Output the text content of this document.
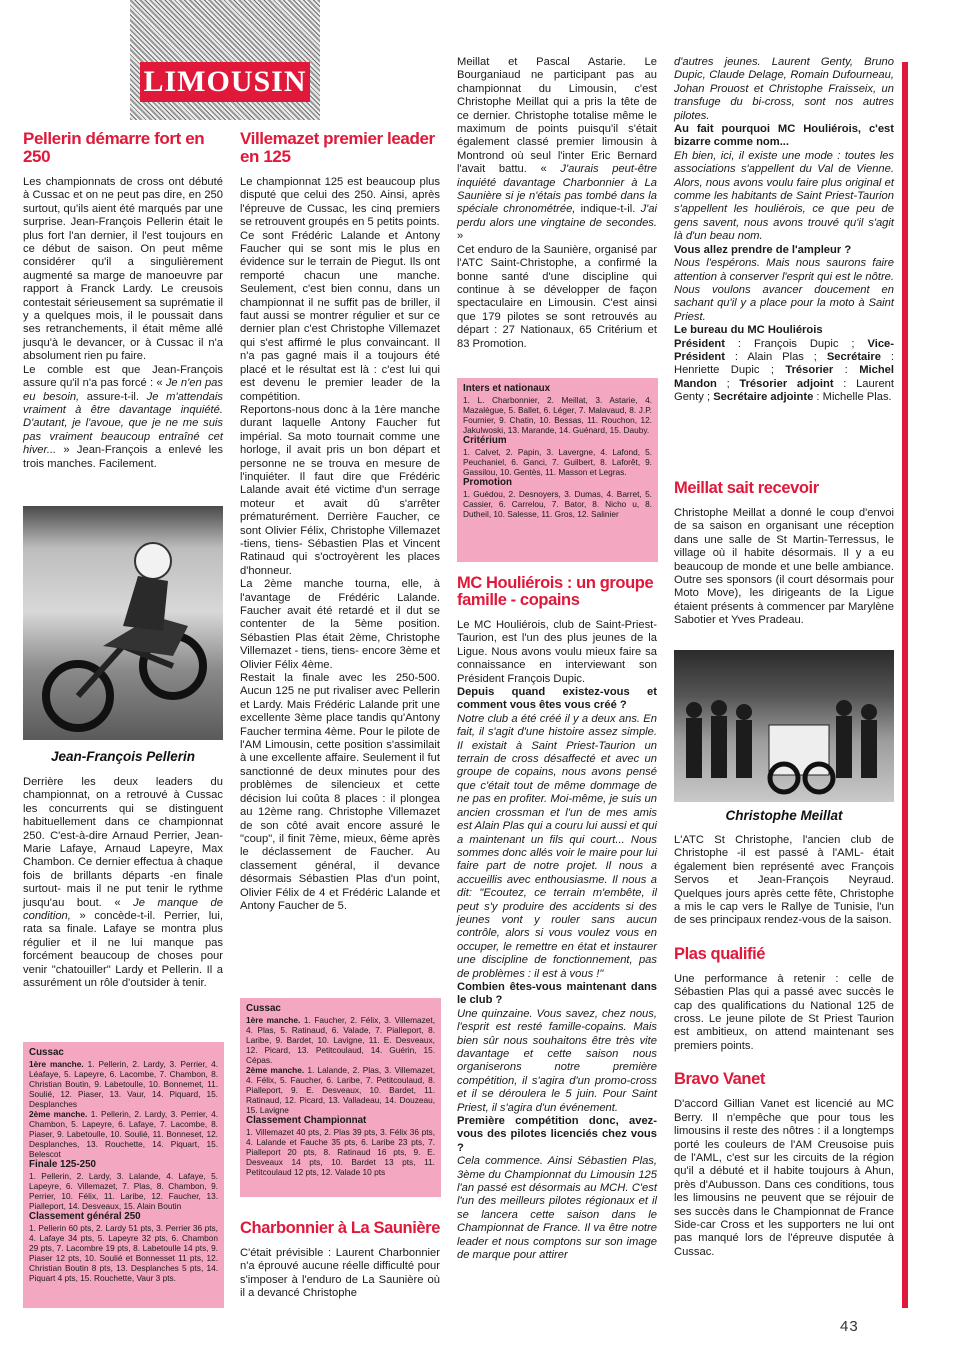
LIMOUSIN
Pellerin démarre fort en 250

Les championnats de cross ont débuté à Cussac et on ne peut pas dire, en 250 surtout, qu'ils aient été marqués par une surprise. Jean-François Pellerin était le plus fort l'an dernier, il l'est toujours en ce début de saison. On peut même considérer qu'il a singulièrement augmenté sa marge de manoeuvre par rapport à Franck Lardy. Le creusois contestait sérieusement sa suprématie il y a quelques mois, il le poussait dans ses retranchements, il était même allé jusqu'à le devancer, or à Cussac il n'a absolument rien pu faire.

Le comble est que Jean-François assure qu'il n'a pas forcé : « Je n'en pas eu besoin, assure-t-il. Je m'attendais vraiment à être davantage inquiété. D'autant, je l'avoue, que je ne me suis pas vraiment beaucoup entraîné cet hiver... » Jean-François a enlevé les trois manches. Facilement.

Jean-François Pellerin

Derrière les deux leaders du championnat, on a retrouvé à Cussac les concurrents qui se distinguent habituellement dans ce championnat 250. C'est-à-dire Arnaud Perrier, Jean-Marie Lafaye, Arnaud Lapeyre, Max Chambon. Ce dernier effectua à chaque fois de brillants départs -en finale surtout- mais il ne put tenir le rythme jusqu'au bout. « Je manque de condition, » concède-t-il. Perrier, lui, rata sa finale. Lafaye se montra plus régulier et il ne lui manque pas forcément beaucoup de choses pour venir "chatouiller" Lardy et Pellerin. Il a assurément un rôle d'outsider à tenir.

Cussac
1ère manche. 1. Pellerin, 2. Lardy, 3. Perrier, 4. Léafaye, 5. Lapeyre, 6. Lacombe, 7. Chambon, 8. Christian Boutin, 9. Labetoulle, 10. Bonnemet, 11. Soulié, 12. Piaser, 13. Vaur, 14. Piquard, 15. Desplanches
2ème manche. 1. Pellerin, 2. Lardy, 3. Perrier, 4. Chambon, 5. Lapeyre, 6. Lafaye, 7. Lacombe, 8. Piaser, 9. Labetoulle, 10. Soulié, 11. Bonneset, 12. Desplanches, 13. Rouchette, 14. Piquart, 15. Belescot
Finale 125-250
1. Pellerin, 2. Lardy, 3. Lalande, 4. Lafaye, 5. Lapeyre, 6. Villemazet, 7. Plas, 8. Chambon, 9. Perrier, 10. Félix, 11. Laribe, 12. Faucher, 13. Pialleport, 14. Desveaux, 15. Alain Boutin
Classement général 250
1. Pellerin 60 pts, 2. Lardy 51 pts, 3. Perrier 36 pts, 4. Lafaye 34 pts, 5. Lapeyre 32 pts, 6. Chambon 29 pts, 7. Lacombre 19 pts, 8. Labetoulle 14 pts, 9. Piaser 12 pts, 10. Soulié et Bonnesset 11 pts, 12. Christian Boutin 8 pts, 13. Desplanches 5 pts, 14. Piquart 4 pts, 15. Rouchette, Vaur 3 pts.
Villemazet premier leader en 125

Le championnat 125 est beaucoup plus disputé que celui des 250. Ainsi, après l'épreuve de Cussac, les cinq premiers se retrouvent groupés en 5 petits points.

Ce sont Frédéric Lalande et Antony Faucher qui se sont mis le plus en évidence sur le terrain de Piegut. Ils ont remporté chacun une manche. Seulement, c'est bien connu, dans un championnat il ne suffit pas de briller, il faut aussi se montrer régulier et sur ce dernier plan c'est Christophe Villemazet qui s'est affirmé le plus convaincant. Il n'a pas gagné mais il a toujours été placé et le résultat est là : c'est lui qui est devenu le premier leader de la compétition.

Reportons-nous donc à la 1ère manche durant laquelle Antony Faucher fut impérial. Sa moto tournait comme une horloge, il avait pris un bon départ et personne ne se trouva en mesure de l'inquiéter. Il faut dire que Frédéric Lalande avait été victime d'un serrage moteur et avait dû s'arrêter prématurément. Derrière Faucher, ce sont Olivier Félix, Christophe Villemazet -tiens, tiens- Sébastien Plas et Vincent Ratinaud qui s'octroyèrent les places d'honneur.

La 2ème manche tourna, elle, à l'avantage de Frédéric Lalande. Faucher avait été retardé et il dut se contenter de la 5ème position. Sébastien Plas était 2ème, Christophe Villemazet - tiens, tiens- encore 3ème et Olivier Félix 4ème.

Restait la finale avec les 250-500. Aucun 125 ne put rivaliser avec Pellerin et Lardy. Mais Frédéric Lalande prit une excellente 3ème place tandis qu'Antony Faucher termina 4ème. Pour le pilote de l'AM Limousin, cette position s'assimilait à une excellente affaire. Seulement il fut sanctionné de deux minutes pour des problèmes de silencieux et cette décision lui coûta 8 places : il plongea au 12ème rang. Christophe Villemazet de son côté avait encore assuré le "coup", il finit 7ème, mieux, 6ème après le déclassement de Faucher. Au classement général, il devance désormais Sébastien Plas d'un point, Olivier Félix de 4 et Frédéric Lalande et Antony Faucher de 5.

Cussac
1ère manche. 1. Faucher, 2. Félix, 3. Villemazet, 4. Plas, 5. Ratinaud, 6. Valade, 7. Pialleport, 8. Laribe, 9. Bardet, 10. Lavigne, 11. E. Desveaux, 12. Picard, 13. Petitcoulaud, 14. Guérin, 15. Cépas.
2ème manche. 1. Lalande, 2. Plas, 3. Villemazet, 4. Félix, 5. Faucher, 6. Laribe, 7. Petitcoulaud, 8. Pialleport, 9. E. Desveaux, 10. Bardet, 11. Ratinaud, 12. Picard, 13. Valladeau, 14. Douzeau, 15. Lavigne
Classement Championnat
1. Villemazet 40 pts, 2. Plas 39 pts, 3. Félix 36 pts, 4. Lalande et Fauche 35 pts, 6. Laribe 23 pts, 7. Pialleport 20 pts, 8. Ratinaud 16 pts, 9. E. Desveaux 14 pts, 10. Bardet 13 pts, 11. Petitcoulaud 12 pts, 12. Valade 10 pts
Charbonnier à La Saunière

C'était prévisible : Laurent Charbonnier n'a éprouvé aucune réelle difficulté pour s'imposer à l'enduro de La Saunière où il a devancé Christophe

Meillat et Pascal Astarie. Le Bourganiaud ne participant pas au championnat du Limousin, c'est Christophe Meillat qui a pris la tête de ce dernier. Christophe totalise même le maximum de points puisqu'il s'était également classé premier limousin à Montrond où seul l'inter Eric Bernard l'avait battu. « J'aurais peut-être inquiété davantage Charbonnier à La Saunière si je n'étais pas tombé dans la spéciale chronométrée, indique-t-il. J'ai perdu alors une vingtaine de secondes. »

Cet enduro de la Saunière, organisé par l'ATC Saint-Christophe, a confirmé la bonne santé d'une discipline qui continue à se développer de façon spectaculaire en Limousin. C'est ainsi que 179 pilotes se sont retrouvés au départ : 27 Nationaux, 65 Critérium et 83 Promotion.

Inters et nationaux
1. L. Charbonnier, 2. Meillat, 3. Astarie, 4. Mazalègue, 5. Ballet, 6. Léger, 7. Malavaud, 8. J.P. Fournier, 9. Chatin, 10. Bessas, 11. Rouchon, 12. Jakulwoski, 13. Marande, 14. Guénard, 15. Dauby.
Critérium
1. Calvet, 2. Papin, 3. Lavergne, 4. Lafond, 5. Peuchaniel, 6. Ganci, 7. Guilbert, 8. Laforêt, 9. Gassilou, 10. Gentès, 11. Masson et Legras.
Promotion
1. Guédou, 2. Desnoyers, 3. Dumas, 4. Barret, 5. Cassier, 6. Carrelou, 7. Bator, 8. Nicho u, 8. Dutheil, 10. Salesse, 11. Gros, 12. Salinier
MC Houliérois : un groupe famille - copains

Le MC Houliérois, club de Saint-Priest-Taurion, est l'un des plus jeunes de la Ligue. Nous avons voulu mieux faire sa connaissance en interviewant son Président François Dupic.

Depuis quand existez-vous et comment vous êtes vous créé ?

Notre club a été créé il y a deux ans. En fait, il s'agit d'une histoire assez simple. Il existait à Saint Priest-Taurion un terrain de cross désaffecté et avec un groupe de copains, nous avons pensé que c'était tout de même dommage de ne pas en profiter. Moi-même, je suis un ancien crossman et l'un de mes amis est Alain Plas qui a couru lui aussi et qui a maintenant un fils qui court... Nous sommes donc allés voir le maire pour lui faire part de notre projet. Il nous a accueillis avec enthousiasme. Il nous a dit: "Ecoutez, ce terrain m'embête, il peut s'y produire des accidents si des jeunes vont y rouler sans aucun contrôle, alors si vous voulez vous en occuper, le remettre en état et instaurer une discipline de fonctionnement, pas de problèmes : il est à vous !"

Combien êtes-vous maintenant dans le club ?

Une quinzaine. Vous savez, chez nous, l'esprit est resté famille-copains. Mais bien sûr nous souhaitons être très vite davantage et cette saison nous organiserons notre première compétition, il s'agira d'un promo-cross et il se déroulera le 5 juin. Pour Saint Priest, il s'agira d'un événement.

Première compétition donc, avez-vous des pilotes licenciés chez vous ?

Cela commence. Ainsi Sébastien Plas, 3ème du Championnat du Limousin 125 l'an passé est désormais au MCH. C'est l'un des meilleurs pilotes régionaux et il se lancera cette saison dans le Championnat de France. Il va être notre leader et nous comptons sur son image de marque pour attirer

d'autres jeunes. Laurent Genty, Bruno Dupic, Claude Delage, Romain Dufourneau, Johan Prouost et Christophe Fraisseix, un transfuge du bi-cross, sont nos autres pilotes.

Au fait pourquoi MC Houliérois, c'est bizarre comme nom...

Eh bien, ici, il existe une mode : toutes les associations s'appellent du Val de Vienne. Alors, nous avons voulu faire plus original et comme les habitants de Saint Priest-Taurion s'appellent les houliérois, ce que peu de gens savent, nous avons trouvé qu'il s'agit là d'un beau nom.

Vous allez prendre de l'ampleur ?

Nous l'espérons. Mais nous saurons faire attention à conserver l'esprit qui est le nôtre. Nous voulons avancer doucement en sachant qu'il y a place pour la moto à Saint Priest.

Le bureau du MC Houliérois

Président : François Dupic ; Vice-Président : Alain Plas ; Secrétaire : Henriette Dupic ; Trésorier : Michel Mandon ; Trésorier adjoint : Laurent Genty ; Secrétaire adjointe : Michelle Plas.

Meillat sait recevoir

Christophe Meillat a donné le coup d'envoi de sa saison en organisant une réception dans une salle de St Martin-Terressus, le village où il habite désormais. Il y a eu beaucoup de monde et une belle ambiance. Outre ses sponsors (il court désormais pour Moto Move), les dirigeants de la Ligue étaient présents à commencer par Marylène Sabotier et Yves Pradeau.

Christophe Meillat

L'ATC St Christophe, l'ancien club de Christophe -il est passé à l'AML- était également bien représenté avec François Servos et Jean-François Neyraud. Quelques jours après cette fête, Christophe a mis le cap vers le Rallye de Tunisie, l'un de ses principaux rendez-vous de la saison.

Plas qualifié

Une performance à retenir : celle de Sébastien Plas qui a passé avec succès le cap des qualifications du National 125 de cross. Le jeune pilote de St Priest Taurion est ambitieux, on attend maintenant ses premiers points.

Bravo Vanet

D'accord Gillian Vanet est licencié au MC Berry. Il n'empêche que pour tous les limousins il reste des nôtres : il a longtemps porté les couleurs de l'AM Creusoise puis de l'AML, c'est sur les circuits de la région qu'il a débuté et il habite toujours à Ahun, près d'Aubusson. Dans ces conditions, tous les limousins ne peuvent que se réjouir de ses succès dans le Championnat de France Side-car Cross et les supporters ne lui ont pas manqué lors de l'épreuve disputée à Cussac.

43
